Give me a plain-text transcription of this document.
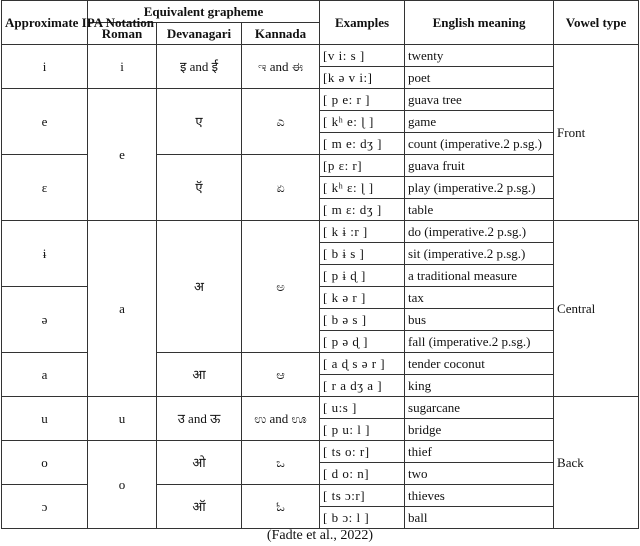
Approximate IPA Notation	Equivalent grapheme			Examples	English meaning	Vowel type
	Roman	Devanagari	Kannada			
i	i	इ and ई	ಇ and ಈ	[v i: s ]	twenty	Front
				[k ə v i:]	poet	
e	e	ए	ಎ	[ p e: r ]	guava tree	
				[ kʰ e: ɭ ]	game	
				[ m e: dʒ ]	count (imperative.2 p.sg.)	
ɛ		ऍ	ಏ	[p ɛ: r]	guava fruit	
				[ kʰ ɛ: ɭ ]	play (imperative.2 p.sg.)	
				[ m ɛ: dʒ ]	table	
ɨ	a	अ	ಅ	[ k ɨ :r ]	do (imperative.2 p.sg.)	Central
				[ b ɨ s ]	sit (imperative.2 p.sg.)	
				[ p ɨ ɖ ]	a traditional measure	
ə				[ k ə r ]	tax	
				[ b ə s ]	bus	
				[ p ə ɖ ]	fall (imperative.2 p.sg.)	
a		आ	ಆ	[ a ɖ s ə r ]	tender coconut	
				[ r a dʒ a ]	king	
u	u	उ and ऊ	ಉ and ಊ	[ u:s ]	sugarcane	Back
				[ p u: l ]	bridge	
o	o	ओ	ಒ	[ ts o: r]	thief	
				[ d o: n]	two	
ɔ		ऑ	ಓ	[ ts ɔ:r]	thieves	
				[ b ɔ: l ]	ball	
(Fadte et al., 2022)
